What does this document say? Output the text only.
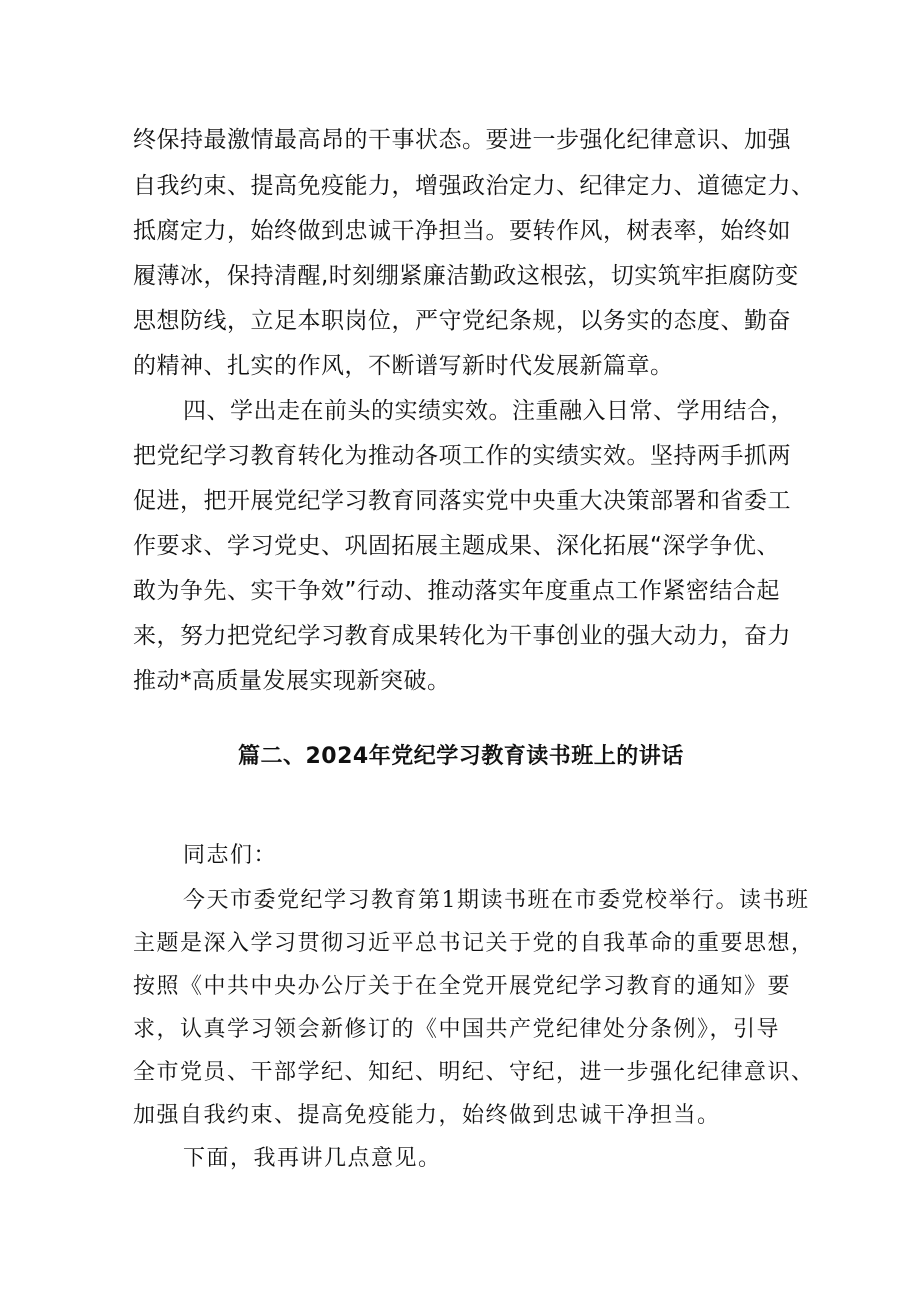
终保持最激情最高昂的干事状态。要进一步强化纪律意识、加强

自我约束、提高免疫能力，增强政治定力、纪律定力、道德定力、

抵腐定力，始终做到忠诚干净担当。要转作风，树表率，始终如

履薄冰，保持清醒,时刻绷紧廉洁勤政这根弦，切实筑牢拒腐防变

思想防线，立足本职岗位，严守党纪条规，以务实的态度、勤奋

的精神、扎实的作风，不断谱写新时代发展新篇章。

四、学出走在前头的实绩实效。注重融入日常、学用结合，

把党纪学习教育转化为推动各项工作的实绩实效。坚持两手抓两

促进，把开展党纪学习教育同落实党中央重大决策部署和省委工

作要求、学习党史、巩固拓展主题成果、深化拓展“深学争优、

敢为争先、实干争效”行动、推动落实年度重点工作紧密结合起

来，努力把党纪学习教育成果转化为干事创业的强大动力，奋力

推动*高质量发展实现新突破。

篇二、2024年党纪学习教育读书班上的讲话

同志们：

今天市委党纪学习教育第1期读书班在市委党校举行。读书班

主题是深入学习贯彻习近平总书记关于党的自我革命的重要思想，

按照《中共中央办公厅关于在全党开展党纪学习教育的通知》要

求，认真学习领会新修订的《中国共产党纪律处分条例》，引导

全市党员、干部学纪、知纪、明纪、守纪，进一步强化纪律意识、

加强自我约束、提高免疫能力，始终做到忠诚干净担当。

下面，我再讲几点意见。
